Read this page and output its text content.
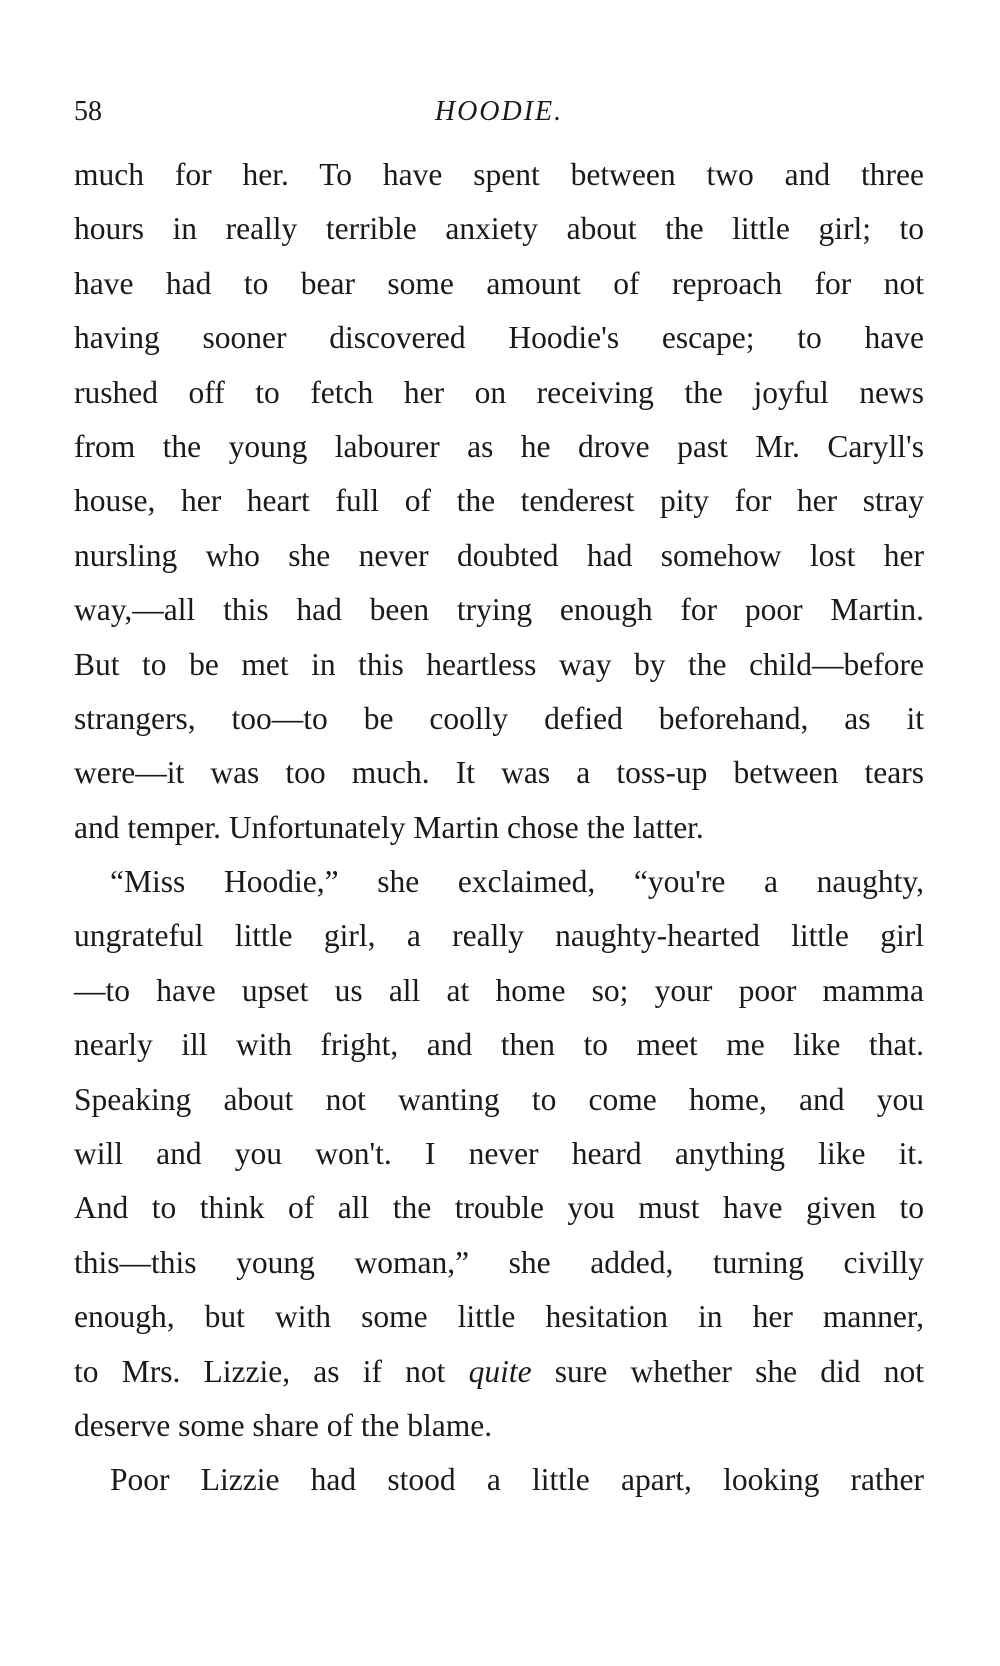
58	HOODIE.
much for her. To have spent between two and three
hours in really terrible anxiety about the little girl; to
have had to bear some amount of reproach for not
having sooner discovered Hoodie's escape; to have
rushed off to fetch her on receiving the joyful news
from the young labourer as he drove past Mr. Caryll's
house, her heart full of the tenderest pity for her stray
nursling who she never doubted had somehow lost her
way,—all this had been trying enough for poor Martin.
But to be met in this heartless way by the child—before
strangers, too—to be coolly defied beforehand, as it
were—it was too much. It was a toss-up between tears
and temper. Unfortunately Martin chose the latter.
“Miss Hoodie,” she exclaimed, “you're a naughty,
ungrateful little girl, a really naughty-hearted little girl
—to have upset us all at home so; your poor mamma
nearly ill with fright, and then to meet me like that.
Speaking about not wanting to come home, and you
will and you won't. I never heard anything like it.
And to think of all the trouble you must have given to
this—this young woman,” she added, turning civilly
enough, but with some little hesitation in her manner,
to Mrs. Lizzie, as if not quite sure whether she did not
deserve some share of the blame.
Poor Lizzie had stood a little apart, looking rather
